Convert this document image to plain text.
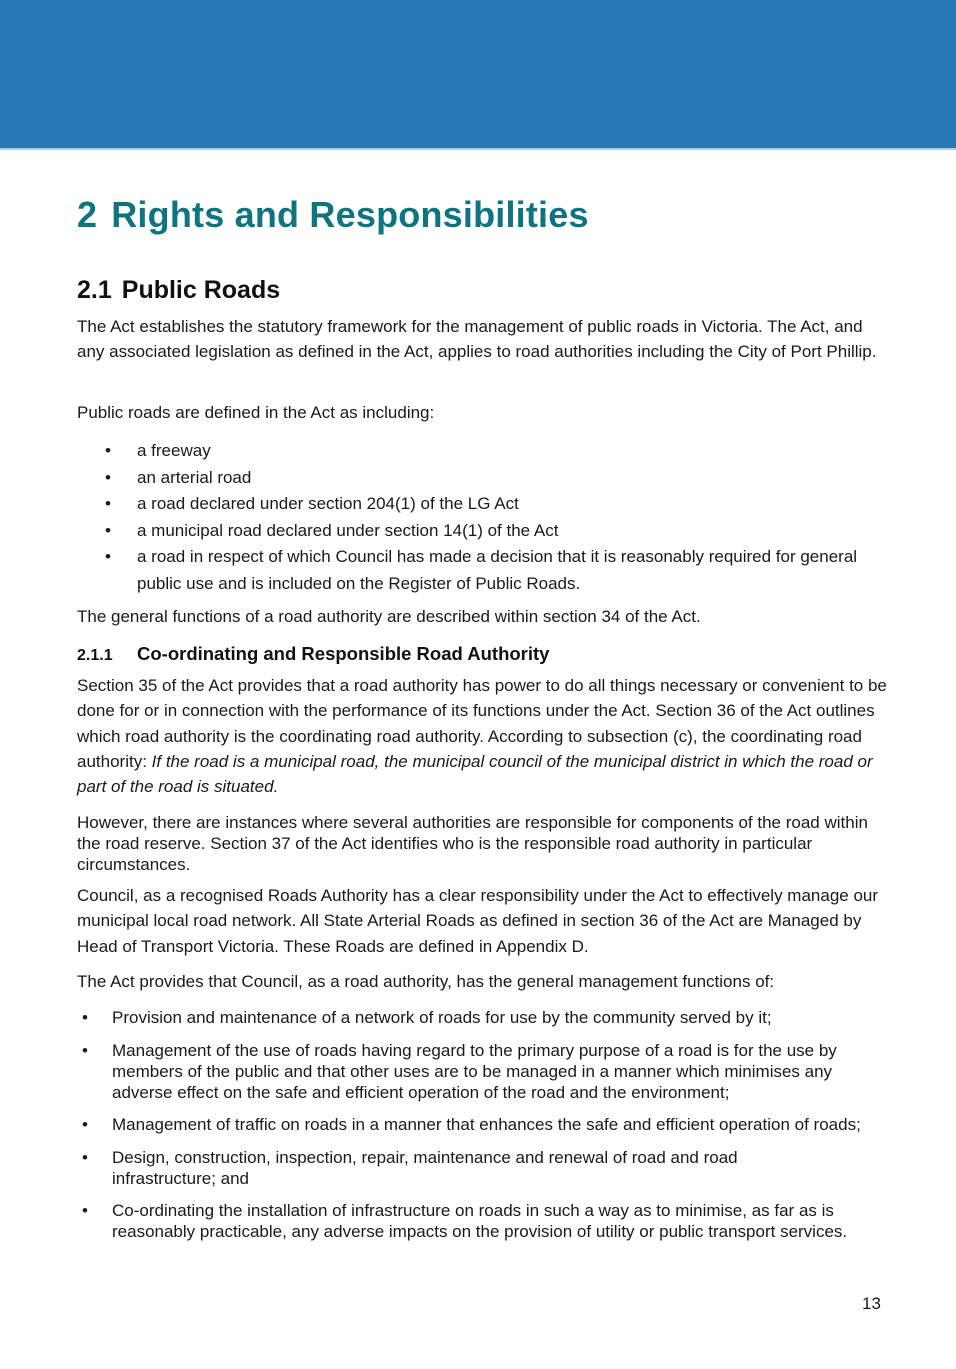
2 Rights and Responsibilities
2.1 Public Roads
The Act establishes the statutory framework for the management of public roads in Victoria. The Act, and any associated legislation as defined in the Act, applies to road authorities including the City of Port Phillip.
Public roads are defined in the Act as including:
• a freeway
• an arterial road
• a road declared under section 204(1) of the LG Act
• a municipal road declared under section 14(1) of the Act
• a road in respect of which Council has made a decision that it is reasonably required for general public use and is included on the Register of Public Roads.
The general functions of a road authority are described within section 34 of the Act.
2.1.1 Co-ordinating and Responsible Road Authority
Section 35 of the Act provides that a road authority has power to do all things necessary or convenient to be done for or in connection with the performance of its functions under the Act. Section 36 of the Act outlines which road authority is the coordinating road authority. According to subsection (c), the coordinating road authority: If the road is a municipal road, the municipal council of the municipal district in which the road or part of the road is situated.
However, there are instances where several authorities are responsible for components of the road within the road reserve. Section 37 of the Act identifies who is the responsible road authority in particular circumstances.
Council, as a recognised Roads Authority has a clear responsibility under the Act to effectively manage our municipal local road network. All State Arterial Roads as defined in section 36 of the Act are Managed by Head of Transport Victoria. These Roads are defined in Appendix D.
The Act provides that Council, as a road authority, has the general management functions of:
• Provision and maintenance of a network of roads for use by the community served by it;
• Management of the use of roads having regard to the primary purpose of a road is for the use by members of the public and that other uses are to be managed in a manner which minimises any adverse effect on the safe and efficient operation of the road and the environment;
• Management of traffic on roads in a manner that enhances the safe and efficient operation of roads;
• Design, construction, inspection, repair, maintenance and renewal of road and road infrastructure; and
• Co-ordinating the installation of infrastructure on roads in such a way as to minimise, as far as is reasonably practicable, any adverse impacts on the provision of utility or public transport services.
13
